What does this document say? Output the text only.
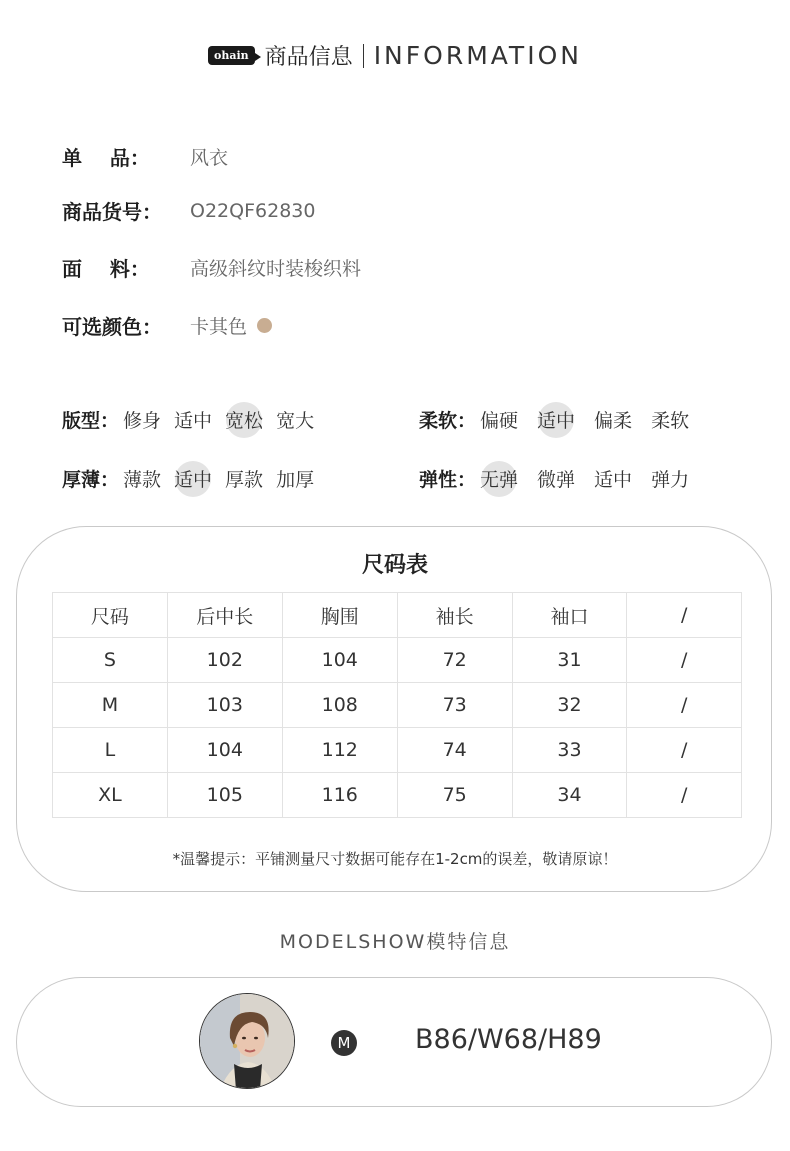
ohain 商品信息 INFORMATION
单    品：	风衣
商品货号：	O22QF62830
面    料：	高级斜纹时装梭织料
可选颜色：	卡其色
版型： 修身 适中 宽松 宽大	柔软： 偏硬 适中 偏柔 柔软
厚薄： 薄款 适中 厚款 加厚	弹性： 无弹 微弹 适中 弹力
尺码表
尺码	后中长	胸围	袖长	袖口	/
S	102	104	72	31	/
M	103	108	73	32	/
L	104	112	74	33	/
XL	105	116	75	34	/
*温馨提示：平铺测量尺寸数据可能存在1-2cm的误差，敬请原谅！
MODELSHOW模特信息
M B86/W68/H89
